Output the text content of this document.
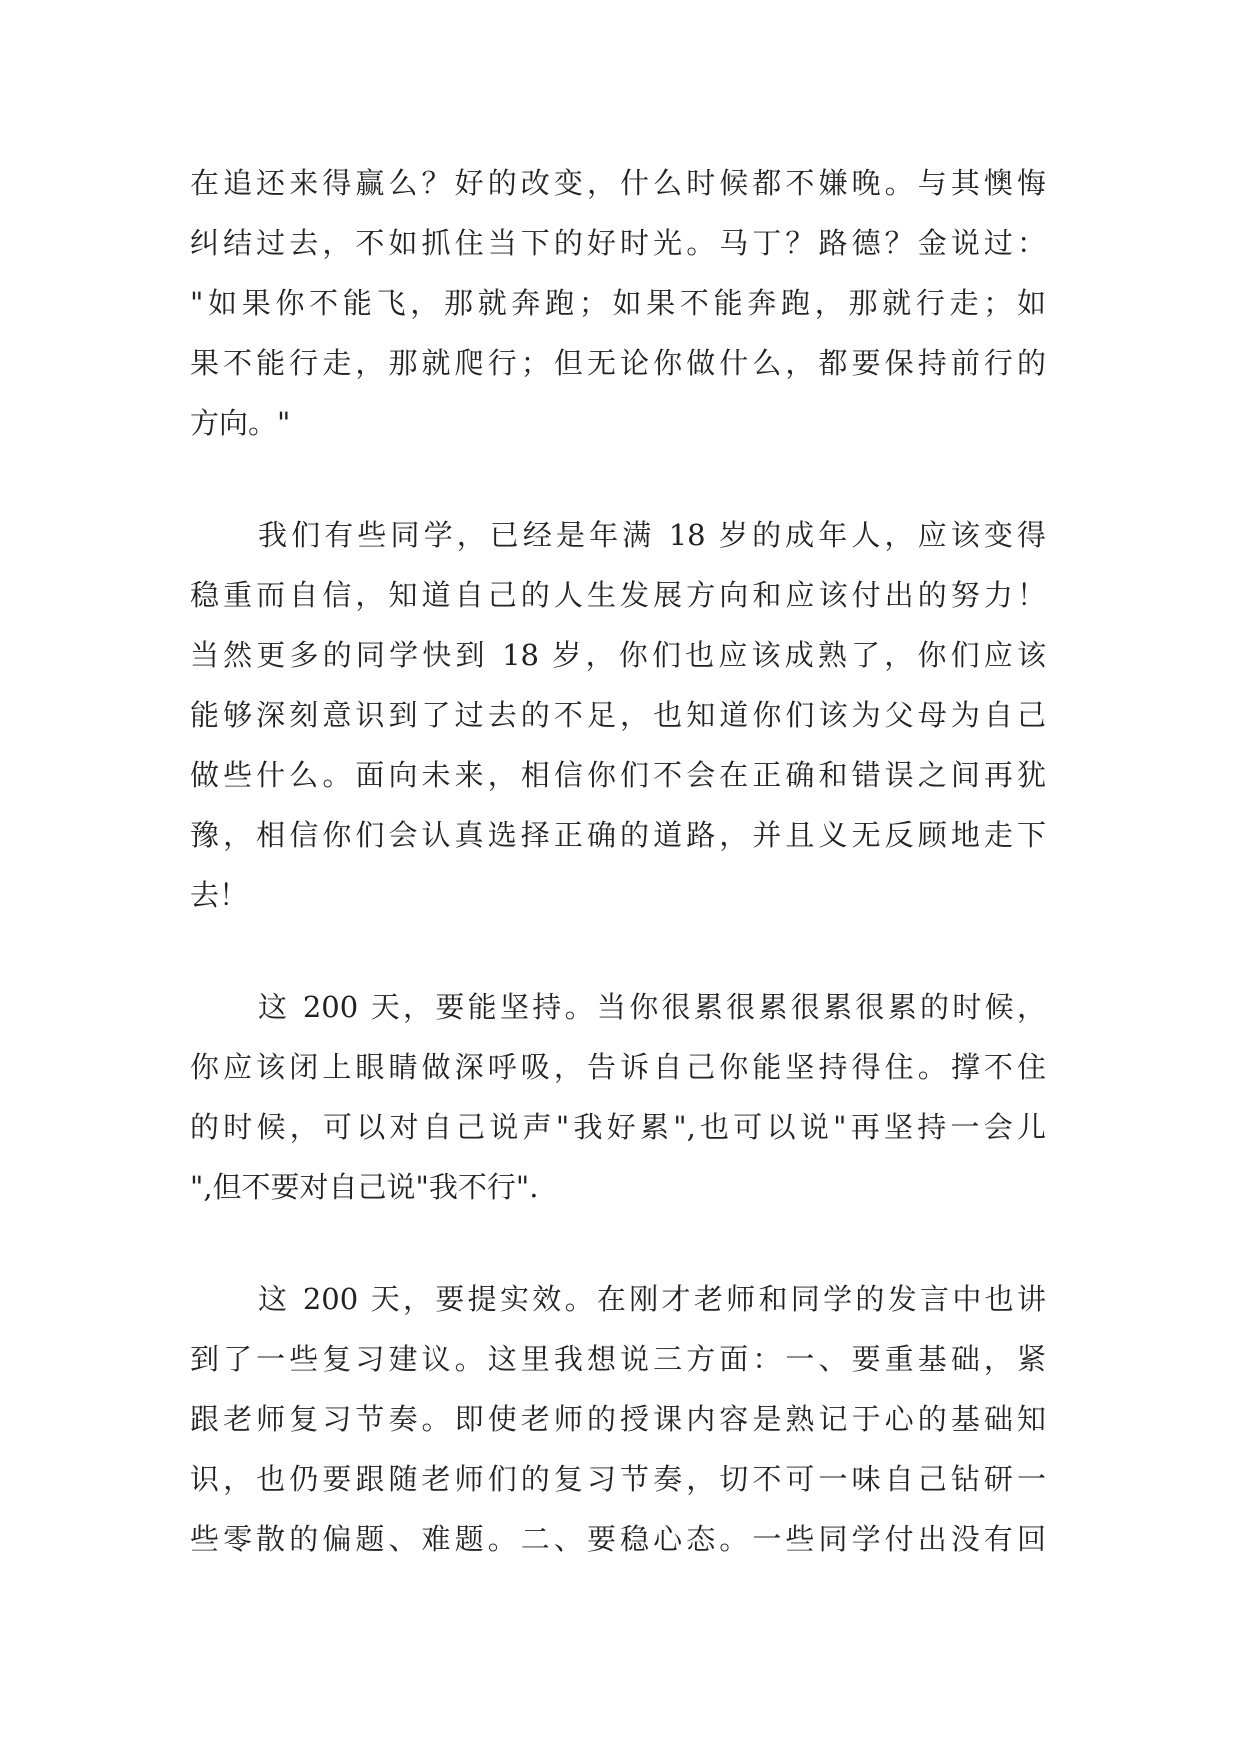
在追还来得赢么？好的改变，什么时候都不嫌晚。与其懊悔
纠结过去，不如抓住当下的好时光。马丁？路德？金说过：
"如果你不能飞，那就奔跑；如果不能奔跑，那就行走；如
果不能行走，那就爬行；但无论你做什么，都要保持前行的
方向。"
我们有些同学，已经是年满 18 岁的成年人，应该变得
稳重而自信，知道自己的人生发展方向和应该付出的努力！
当然更多的同学快到 18 岁，你们也应该成熟了，你们应该
能够深刻意识到了过去的不足，也知道你们该为父母为自己
做些什么。面向未来，相信你们不会在正确和错误之间再犹
豫，相信你们会认真选择正确的道路，并且义无反顾地走下
去！
这 200 天，要能坚持。当你很累很累很累很累的时候，
你应该闭上眼睛做深呼吸，告诉自己你能坚持得住。撑不住
的时候，可以对自己说声"我好累",也可以说"再坚持一会儿
",但不要对自己说"我不行".
这 200 天，要提实效。在刚才老师和同学的发言中也讲
到了一些复习建议。这里我想说三方面：一、要重基础，紧
跟老师复习节奏。即使老师的授课内容是熟记于心的基础知
识，也仍要跟随老师们的复习节奏，切不可一味自己钻研一
些零散的偏题、难题。二、要稳心态。一些同学付出没有回
